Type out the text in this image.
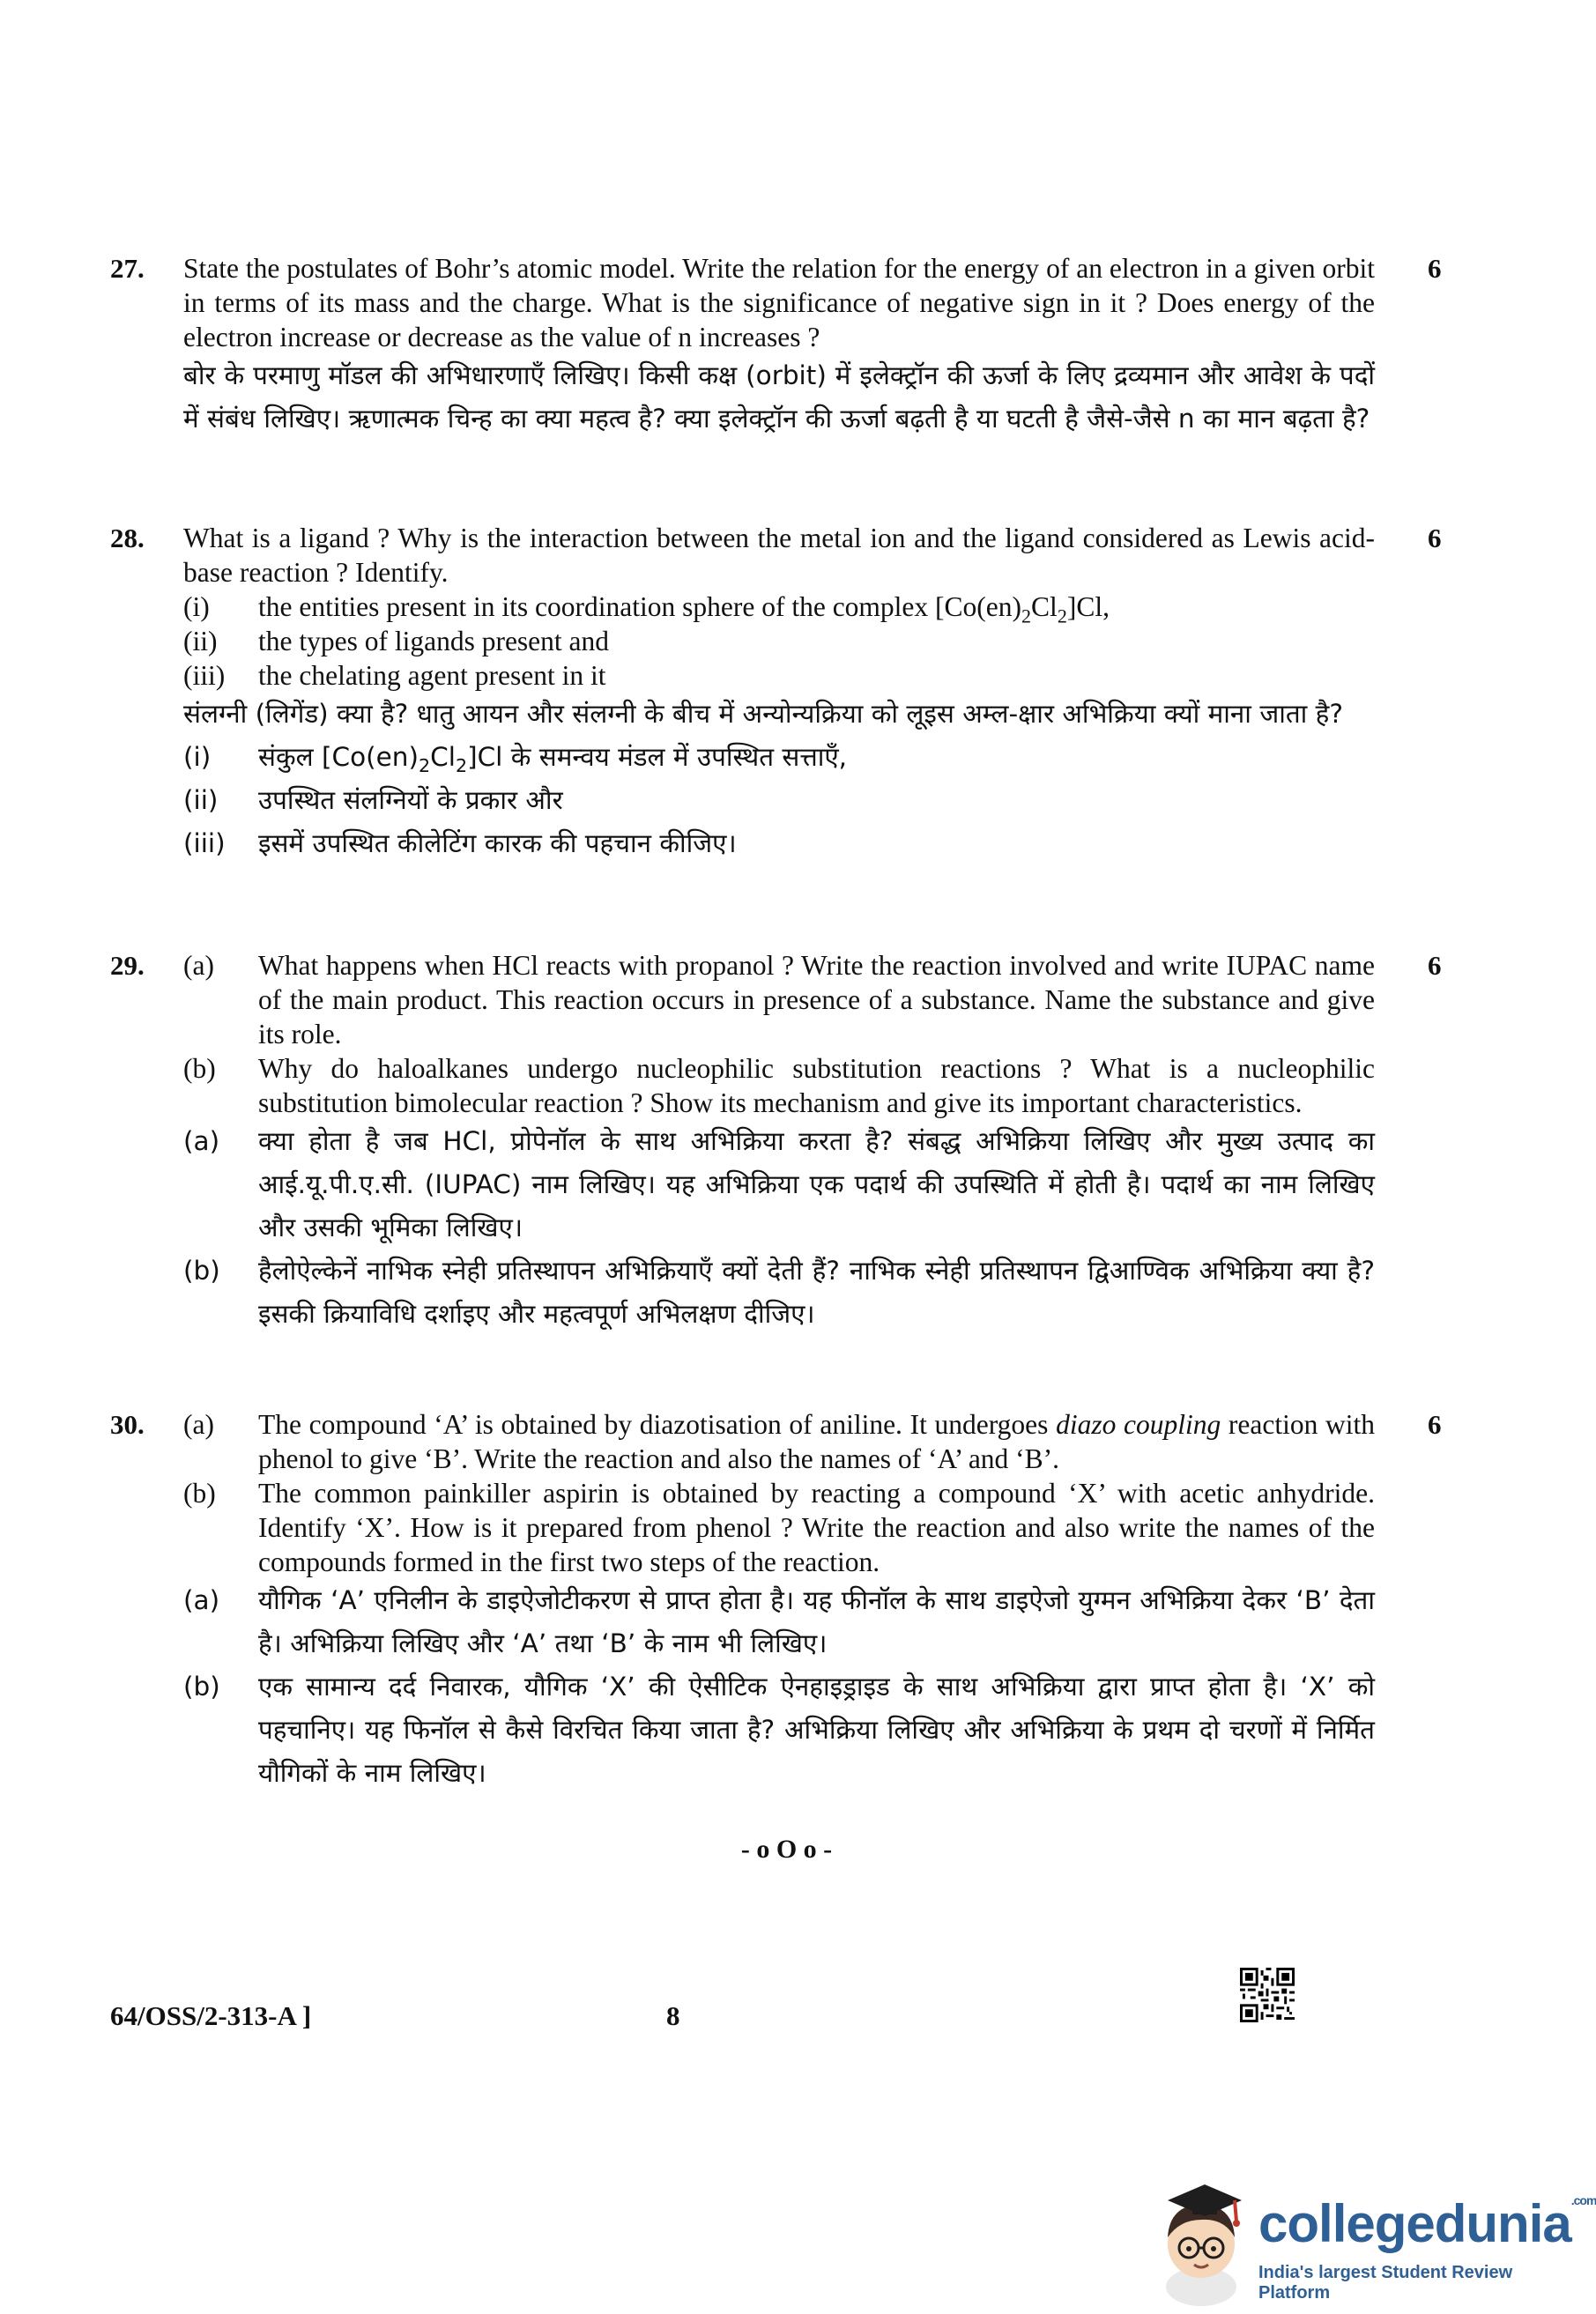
27.	6

State the postulates of Bohr’s atomic model. Write the relation for the energy of an electron in a given orbit in terms of its mass and the charge. What is the significance of negative sign in it ? Does energy of the electron increase or decrease as the value of n increases ?

बोर के परमाणु मॉडल की अभिधारणाएँ लिखिए। किसी कक्ष (orbit) में इलेक्ट्रॉन की ऊर्जा के लिए द्रव्यमान और आवेश के पदों में संबंध लिखिए। ऋणात्मक चिन्ह का क्या महत्व है? क्या इलेक्ट्रॉन की ऊर्जा बढ़ती है या घटती है जैसे-जैसे n का मान बढ़ता है?

28.	6

What is a ligand ? Why is the interaction between the metal ion and the ligand considered as Lewis acid-base reaction ? Identify.

(i) the entities present in its coordination sphere of the complex $[Co(en)_2Cl_2]Cl$,
(ii) the types of ligands present and
(iii) the chelating agent present in it

संलग्नी (लिगेंड) क्या है? धातु आयन और संलग्नी के बीच में अन्योन्यक्रिया को लूइस अम्ल-क्षार अभिक्रिया क्यों माना जाता है?

(i) संकुल $[Co(en)_2Cl_2]Cl$ के समन्वय मंडल में उपस्थित सत्ताएँ,
(ii) उपस्थित संलग्नियों के प्रकार और
(iii) इसमें उपस्थित कीलेटिंग कारक की पहचान कीजिए।
29.	6
(a) What happens when HCl reacts with propanol ? Write the reaction involved and write IUPAC name of the main product. This reaction occurs in presence of a substance. Name the substance and give its role.
(b) Why do haloalkanes undergo nucleophilic substitution reactions ? What is a nucleophilic substitution bimolecular reaction ? Show its mechanism and give its important characteristics.
(a) क्या होता है जब HCl, प्रोपेनॉल के साथ अभिक्रिया करता है? संबद्ध अभिक्रिया लिखिए और मुख्य उत्पाद का आई.यू.पी.ए.सी. (IUPAC) नाम लिखिए। यह अभिक्रिया एक पदार्थ की उपस्थिति में होती है। पदार्थ का नाम लिखिए और उसकी भूमिका लिखिए।
(b) हैलोऐल्केनें नाभिक स्नेही प्रतिस्थापन अभिक्रियाएँ क्यों देती हैं? नाभिक स्नेही प्रतिस्थापन द्विआण्विक अभिक्रिया क्या है? इसकी क्रियाविधि दर्शाइए और महत्वपूर्ण अभिलक्षण दीजिए।
30.	6
(a) The compound ‘A’ is obtained by diazotisation of aniline. It undergoes diazo coupling reaction with phenol to give ‘B’. Write the reaction and also the names of ‘A’ and ‘B’.
(b) The common painkiller aspirin is obtained by reacting a compound ‘X’ with acetic anhydride. Identify ‘X’. How is it prepared from phenol ? Write the reaction and also write the names of the compounds formed in the first two steps of the reaction.
(a) यौगिक ‘A’ एनिलीन के डाइऐजोटीकरण से प्राप्त होता है। यह फीनॉल के साथ डाइऐजो युग्मन अभिक्रिया देकर ‘B’ देता है। अभिक्रिया लिखिए और ‘A’ तथा ‘B’ के नाम भी लिखिए।
(b) एक सामान्य दर्द निवारक, यौगिक ‘X’ की ऐसीटिक ऐनहाइड्राइड के साथ अभिक्रिया द्वारा प्राप्त होता है। ‘X’ को पहचानिए। यह फिनॉल से कैसे विरचित किया जाता है? अभिक्रिया लिखिए और अभिक्रिया के प्रथम दो चरणों में निर्मित यौगिकों के नाम लिखिए।
- o O o -
64/OSS/2-313-A ]	8
collegedunia$^{.com}$
India's largest Student Review Platform
